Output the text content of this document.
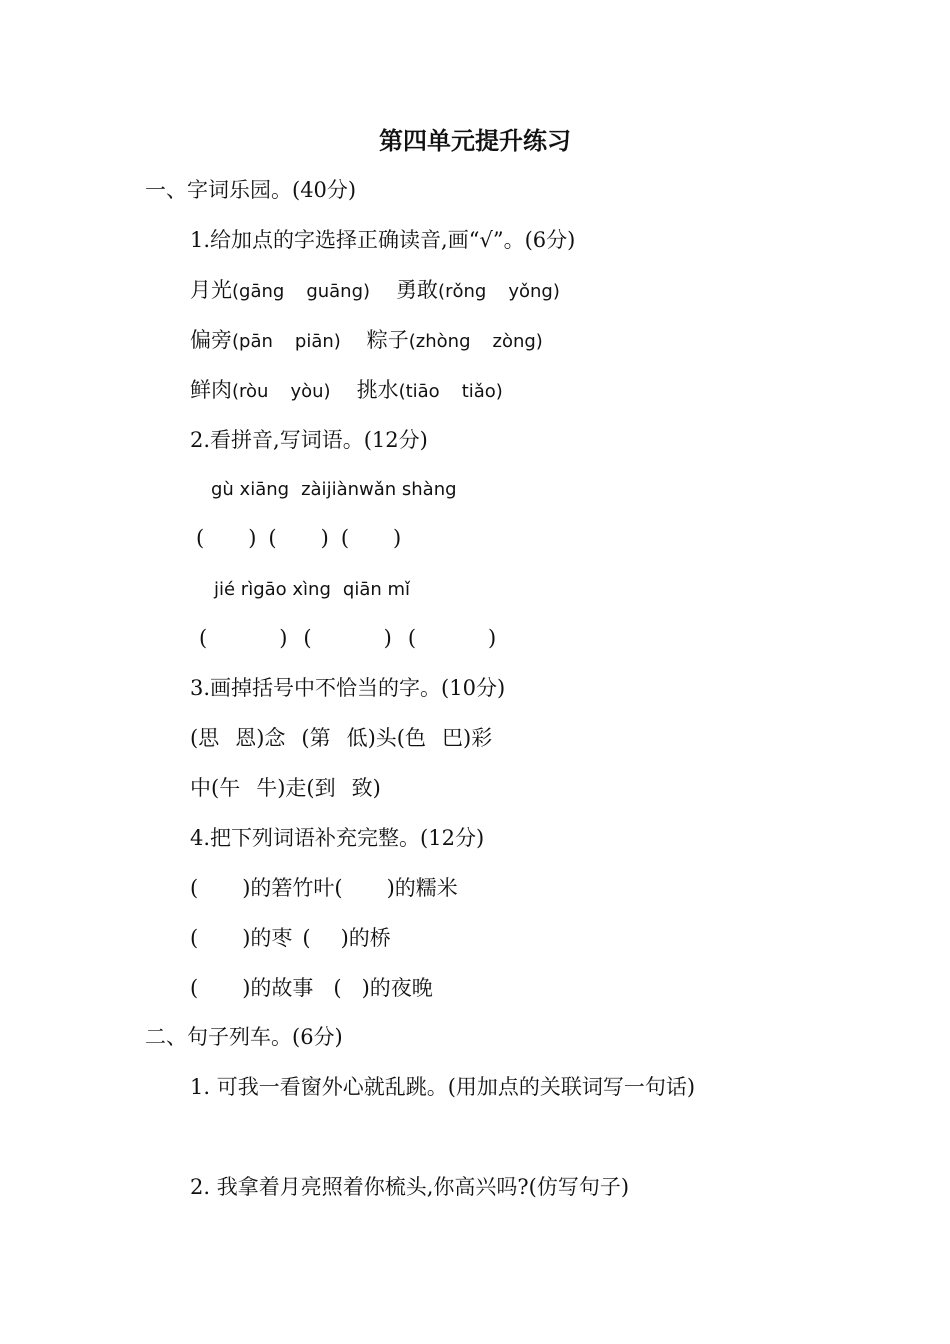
第四单元提升练习
一、字词乐园。(40分)
1.给加点的字选择正确读音,画“√”。(6分)
月光(gāng guāng) 勇敢(rǒng yǒng)
偏旁(pān piān) 粽子(zhòng zòng)
鲜肉(ròu yòu) 挑水(tiāo tiǎo)
2.看拼音,写词语。(12分)
gù xiāng zàijiànwǎn shàng
( ) ( ) ( )
jié rìgāo xìng qiān mǐ
(	) (	) (	)
3.画掉括号中不恰当的字。(10分)
(思 恩)念 (第 低)头(色 巴)彩
中(午 牛)走(到 致)
4.把下列词语补充完整。(12分)
( )的箬竹叶( )的糯米
( )的枣 ( )的桥
( )的故事 ( )的夜晚
二、句子列车。(6分)
1. 可我一看窗外心就乱跳。(用加点的关联词写一句话)
2. 我拿着月亮照着你梳头,你高兴吗?(仿写句子)
